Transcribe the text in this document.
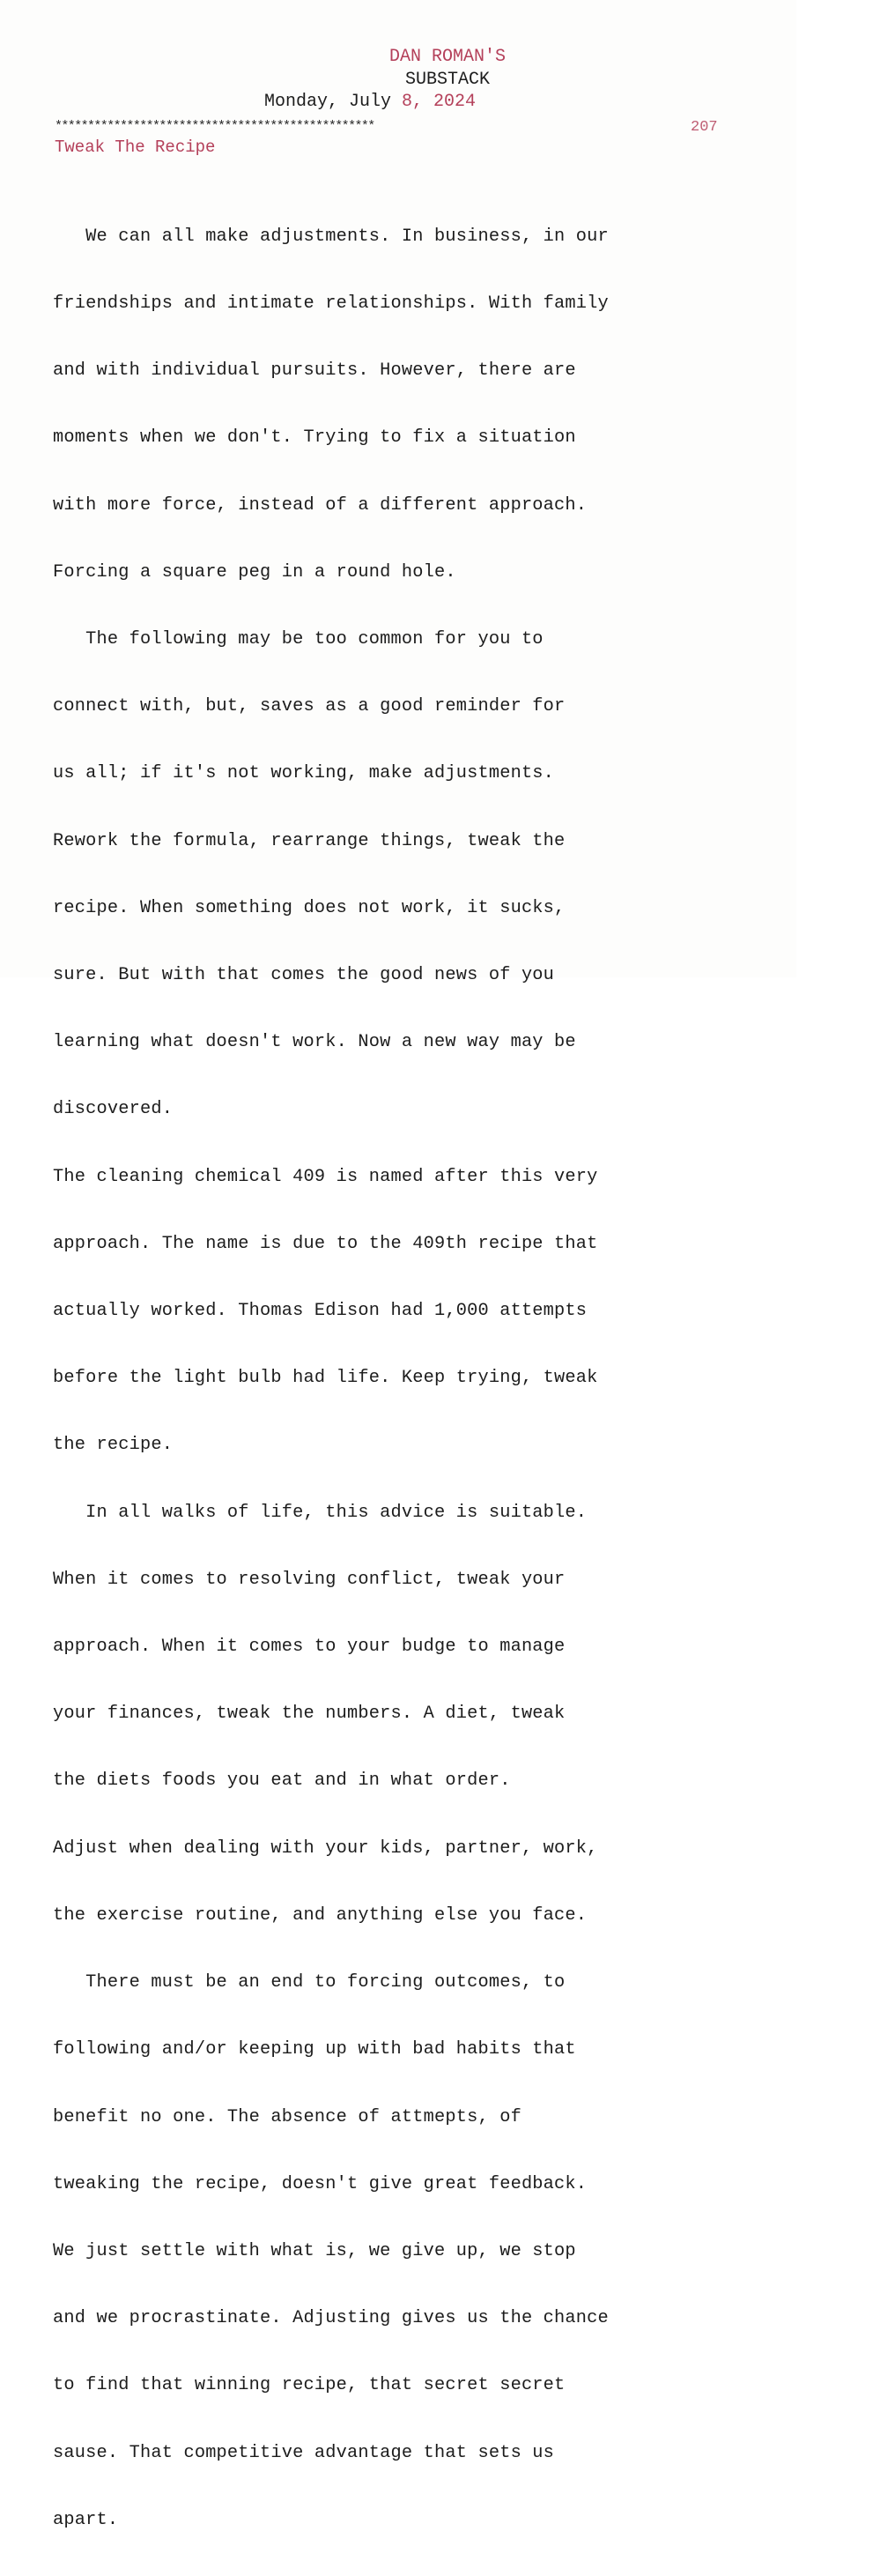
DAN ROMAN'S
SUBSTACK
Monday, July 8, 2024
*************************************************	207
Tweak The Recipe

We can all make adjustments. In business, in our

friendships and intimate relationships. With family

and with individual pursuits. However, there are

moments when we don't. Trying to fix a situation

with more force, instead of a different approach.

Forcing a square peg in a round hole.

The following may be too common for you to

connect with, but, saves as a good reminder for

us all; if it's not working, make adjustments.

Rework the formula, rearrange things, tweak the

recipe. When something does not work, it sucks,

sure. But with that comes the good news of you

learning what doesn't work. Now a new way may be

discovered.

The cleaning chemical 409 is named after this very

approach. The name is due to the 409th recipe that

actually worked. Thomas Edison had 1,000 attempts

before the light bulb had life. Keep trying, tweak

the recipe.

In all walks of life, this advice is suitable.

When it comes to resolving conflict, tweak your

approach. When it comes to your budge to manage

your finances, tweak the numbers. A diet, tweak

the diets foods you eat and in what order.

Adjust when dealing with your kids, partner, work,

the exercise routine, and anything else you face.

There must be an end to forcing outcomes, to

following and/or keeping up with bad habits that

benefit no one. The absence of attmepts, of

tweaking the recipe, doesn't give great feedback.

We just settle with what is, we give up, we stop

and we procrastinate. Adjusting gives us the chance

to find that winning recipe, that secret secret

sause. That competitive advantage that sets us

apart.
